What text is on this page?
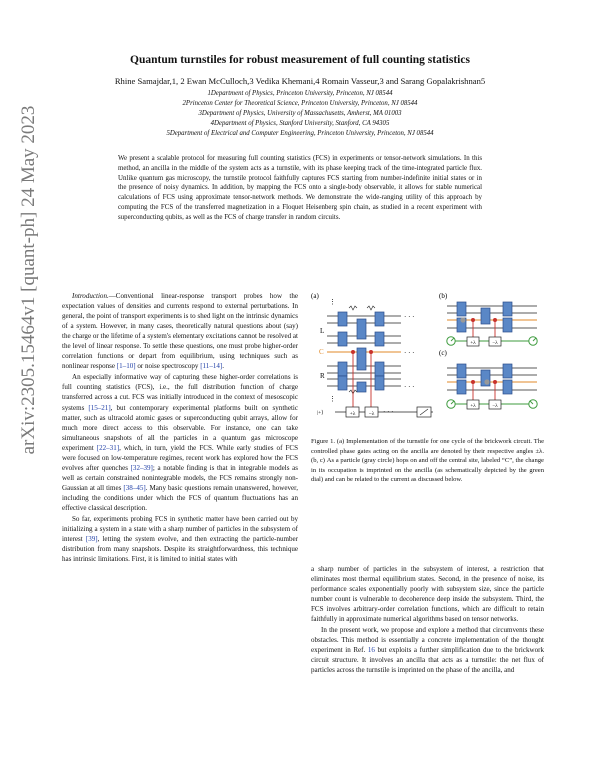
arXiv:2305.15464v1 [quant-ph] 24 May 2023
Quantum turnstiles for robust measurement of full counting statistics
Rhine Samajdar,1, 2 Ewan McCulloch,3 Vedika Khemani,4 Romain Vasseur,3 and Sarang Gopalakrishnan5
1Department of Physics, Princeton University, Princeton, NJ 08544
2Princeton Center for Theoretical Science, Princeton University, Princeton, NJ 08544
3Department of Physics, University of Massachusetts, Amherst, MA 01003
4Department of Physics, Stanford University, Stanford, CA 94305
5Department of Electrical and Computer Engineering, Princeton University, Princeton, NJ 08544
We present a scalable protocol for measuring full counting statistics (FCS) in experiments or tensor-network simulations. In this method, an ancilla in the middle of the system acts as a turnstile, with its phase keeping track of the time-integrated particle flux. Unlike quantum gas microscopy, the turnstile protocol faithfully captures FCS starting from number-indefinite initial states or in the presence of noisy dynamics. In addition, by mapping the FCS onto a single-body observable, it allows for stable numerical calculations of FCS using approximate tensor-network methods. We demonstrate the wide-ranging utility of this approach by computing the FCS of the transferred magnetization in a Floquet Heisenberg spin chain, as studied in a recent experiment with superconducting qubits, as well as the FCS of charge transfer in random circuits.

Introduction.—Conventional linear-response transport probes how the expectation values of densities and currents respond to external perturbations. In general, the point of transport experiments is to shed light on the intrinsic dynamics of a system. However, in many cases, theoretically natural questions about (say) the charge or the lifetime of a system's elementary excitations cannot be resolved at the level of linear response. To settle these questions, one must probe higher-order correlation functions or depart from equilibrium, using techniques such as nonlinear response [1–10] or noise spectroscopy [11–14].

An especially informative way of capturing these higher-order correlations is full counting statistics (FCS), i.e., the full distribution function of charge transferred across a cut. FCS was initially introduced in the context of mesoscopic systems [15–21], but contemporary experimental platforms built on synthetic matter, such as ultracold atomic gases or superconducting qubit arrays, allow for much more direct access to this observable. For instance, one can take simultaneous snapshots of all the particles in a quantum gas microscope experiment [22–31], which, in turn, yield the FCS. While early studies of FCS were focused on low-temperature regimes, recent work has explored how the FCS evolves after quenches [32–39]; a notable finding is that in integrable models as well as certain constrained nonintegrable models, the FCS remains strongly non-Gaussian at all times [38–45]. Many basic questions remain unanswered, however, including the conditions under which the FCS of quantum fluctuations has an effective classical description.

So far, experiments probing FCS in synthetic matter have been carried out by initializing a system in a state with a sharp number of particles in the subsystem of interest [39], letting the system evolve, and then extracting the particle-number distribution from many snapshots. Despite its straightforwardness, this technique has intrinsic limitations. First, it is limited to initial states with

(a)	(b)
(c)
+λ −λ
L
C
R
|+⟩
· · ·
· · ·
· · ·
· · ·
⋮
⋮
+λ	−λ
+λ	−λ
Figure 1. (a) Implementation of the turnstile for one cycle of the brickwork circuit. The controlled phase gates acting on the ancilla are denoted by their respective angles ±λ. (b, c) As a particle (gray circle) hops on and off the central site, labeled “C”, the change in its occupation is imprinted on the ancilla (as schematically depicted by the green dial) and can be related to the current as discussed below.

a sharp number of particles in the subsystem of interest, a restriction that eliminates most thermal equilibrium states. Second, in the presence of noise, its performance scales exponentially poorly with subsystem size, since the particle number count is vulnerable to decoherence deep inside the subsystem. Third, the FCS involves arbitrary-order correlation functions, which are difficult to retain faithfully in approximate numerical algorithms based on tensor networks.

In the present work, we propose and explore a method that circumvents these obstacles. This method is essentially a concrete implementation of the thought experiment in Ref. 16 but exploits a further simplification due to the brickwork circuit structure. It involves an ancilla that acts as a turnstile: the net flux of particles across the turnstile is imprinted on the phase of the ancilla, and
